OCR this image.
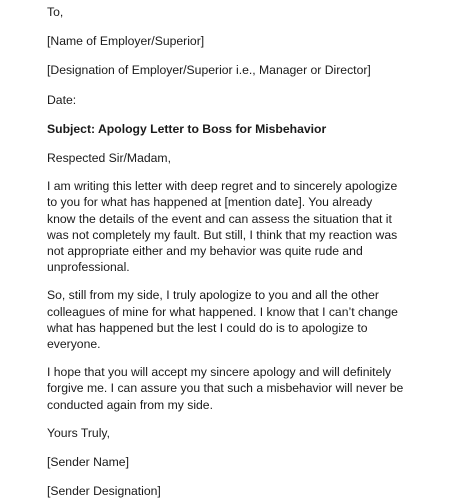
To,
[Name of Employer/Superior]
[Designation of Employer/Superior i.e., Manager or Director]
Date:
Subject: Apology Letter to Boss for Misbehavior
Respected Sir/Madam,
I am writing this letter with deep regret and to sincerely apologize
to you for what has happened at [mention date]. You already
know the details of the event and can assess the situation that it
was not completely my fault. But still, I think that my reaction was
not appropriate either and my behavior was quite rude and
unprofessional.
So, still from my side, I truly apologize to you and all the other
colleagues of mine for what happened. I know that I can’t change
what has happened but the lest I could do is to apologize to
everyone.
I hope that you will accept my sincere apology and will definitely
forgive me. I can assure you that such a misbehavior will never be
conducted again from my side.
Yours Truly,
[Sender Name]
[Sender Designation]
